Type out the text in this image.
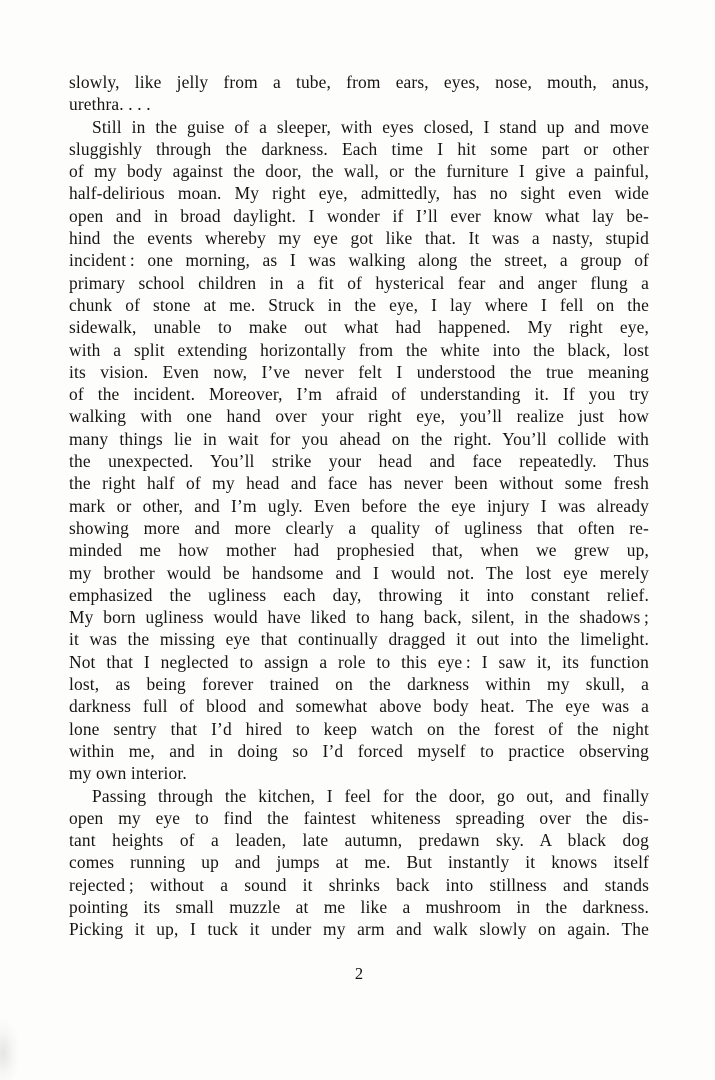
slowly, like jelly from a tube, from ears, eyes, nose, mouth, anus,
urethra. . . .
Still in the guise of a sleeper, with eyes closed, I stand up and move
sluggishly through the darkness. Each time I hit some part or other
of my body against the door, the wall, or the furniture I give a painful,
half-delirious moan. My right eye, admittedly, has no sight even wide
open and in broad daylight. I wonder if I’ll ever know what lay be-
hind the events whereby my eye got like that. It was a nasty, stupid
incident : one morning, as I was walking along the street, a group of
primary school children in a fit of hysterical fear and anger flung a
chunk of stone at me. Struck in the eye, I lay where I fell on the
sidewalk, unable to make out what had happened. My right eye,
with a split extending horizontally from the white into the black, lost
its vision. Even now, I’ve never felt I understood the true meaning
of the incident. Moreover, I’m afraid of understanding it. If you try
walking with one hand over your right eye, you’ll realize just how
many things lie in wait for you ahead on the right. You’ll collide with
the unexpected. You’ll strike your head and face repeatedly. Thus
the right half of my head and face has never been without some fresh
mark or other, and I’m ugly. Even before the eye injury I was already
showing more and more clearly a quality of ugliness that often re-
minded me how mother had prophesied that, when we grew up,
my brother would be handsome and I would not. The lost eye merely
emphasized the ugliness each day, throwing it into constant relief.
My born ugliness would have liked to hang back, silent, in the shadows ;
it was the missing eye that continually dragged it out into the limelight.
Not that I neglected to assign a role to this eye : I saw it, its function
lost, as being forever trained on the darkness within my skull, a
darkness full of blood and somewhat above body heat. The eye was a
lone sentry that I’d hired to keep watch on the forest of the night
within me, and in doing so I’d forced myself to practice observing
my own interior.
Passing through the kitchen, I feel for the door, go out, and finally
open my eye to find the faintest whiteness spreading over the dis-
tant heights of a leaden, late autumn, predawn sky. A black dog
comes running up and jumps at me. But instantly it knows itself
rejected ; without a sound it shrinks back into stillness and stands
pointing its small muzzle at me like a mushroom in the darkness.
Picking it up, I tuck it under my arm and walk slowly on again. The
2
